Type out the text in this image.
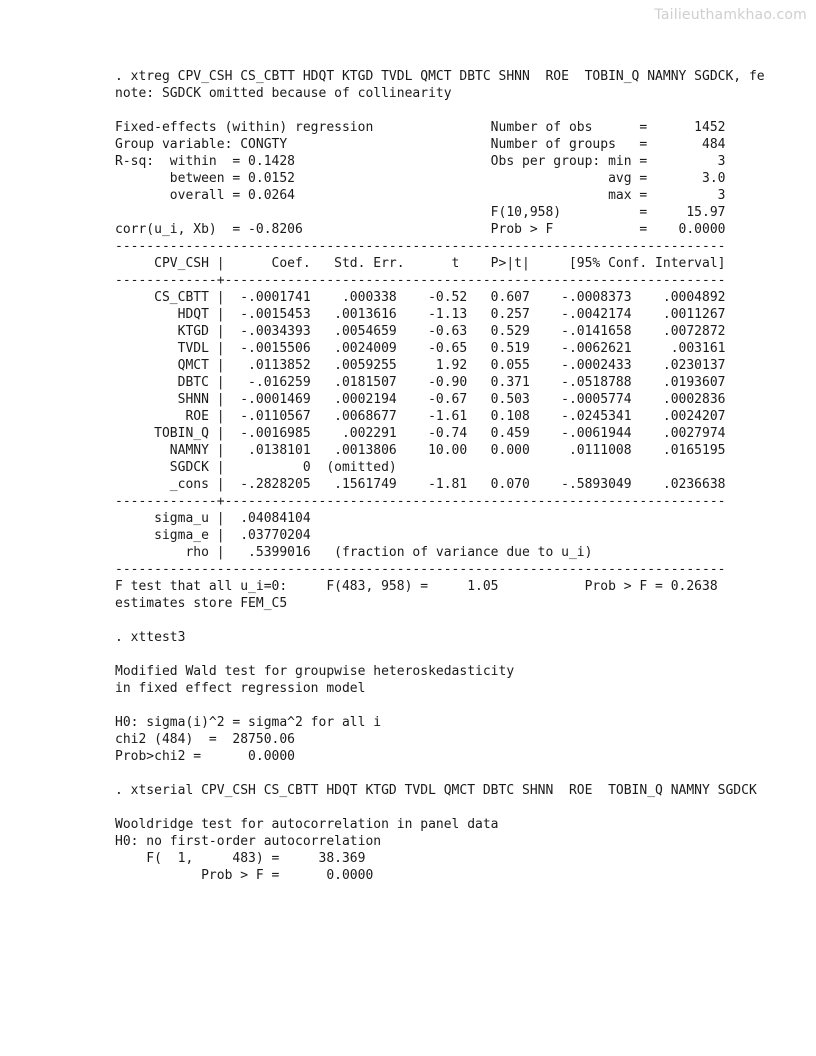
Tailieuthamkhao.com
. xtreg CPV_CSH CS_CBTT HDQT KTGD TVDL QMCT DBTC SHNN  ROE  TOBIN_Q NAMNY SGDCK, fe
note: SGDCK omitted because of collinearity
Fixed-effects (within) regression               Number of obs      =      1452
Group variable: CONGTY                          Number of groups   =       484
R-sq:  within  = 0.1428                         Obs per group: min =         3
between = 0.0152                                        avg =       3.0
overall = 0.0264                                        max =         3
F(10,958)          =     15.97
corr(u_i, Xb)  = -0.8206                        Prob > F           =    0.0000
------------------------------------------------------------------------------
CPV_CSH |      Coef.   Std. Err.      t    P>|t|     [95% Conf. Interval]
-------------+----------------------------------------------------------------
CS_CBTT |  -.0001741    .000338    -0.52   0.607    -.0008373    .0004892
HDQT |  -.0015453   .0013616    -1.13   0.257    -.0042174    .0011267
KTGD |  -.0034393   .0054659    -0.63   0.529    -.0141658    .0072872
TVDL |  -.0015506   .0024009    -0.65   0.519    -.0062621     .003161
QMCT |   .0113852   .0059255     1.92   0.055    -.0002433    .0230137
DBTC |   -.016259   .0181507    -0.90   0.371    -.0518788    .0193607
SHNN |  -.0001469   .0002194    -0.67   0.503    -.0005774    .0002836
ROE |  -.0110567   .0068677    -1.61   0.108    -.0245341    .0024207
TOBIN_Q |  -.0016985    .002291    -0.74   0.459    -.0061944    .0027974
NAMNY |   .0138101   .0013806    10.00   0.000     .0111008    .0165195
SGDCK |          0  (omitted)
_cons |  -.2828205   .1561749    -1.81   0.070    -.5893049    .0236638
-------------+----------------------------------------------------------------
sigma_u |  .04084104
sigma_e |  .03770204
rho |   .5399016   (fraction of variance due to u_i)
------------------------------------------------------------------------------
F test that all u_i=0:     F(483, 958) =     1.05           Prob > F = 0.2638
estimates store FEM_C5
. xttest3
Modified Wald test for groupwise heteroskedasticity
in fixed effect regression model
H0: sigma(i)^2 = sigma^2 for all i
chi2 (484)  =  28750.06
Prob>chi2 =      0.0000
. xtserial CPV_CSH CS_CBTT HDQT KTGD TVDL QMCT DBTC SHNN  ROE  TOBIN_Q NAMNY SGDCK
Wooldridge test for autocorrelation in panel data
H0: no first-order autocorrelation
F(  1,     483) =     38.369
Prob > F =      0.0000
